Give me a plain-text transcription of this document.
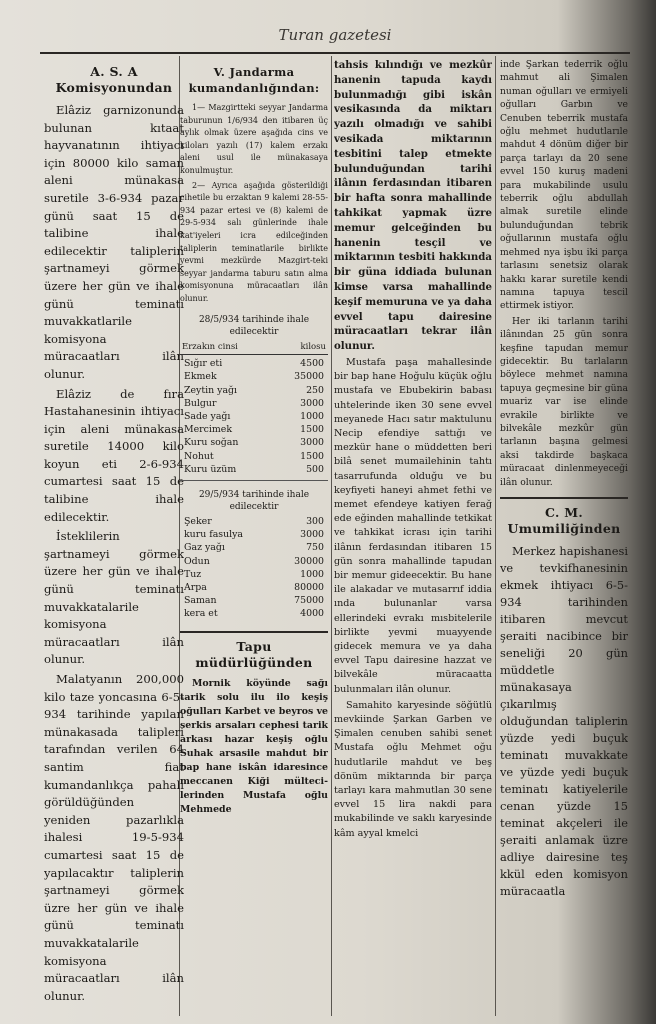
Turan gazetesi
A. S. A Komisyonundan

Elâziz garnizonunda bulunan kıtaat hayvanatının ihtiyacı için 80000 kilo saman aleni münakasa suretile 3-6-934 pazar günü saat 15 de talibine ihale edilecektir taliplerin şartnameyi görmek üzere her gün ve ihale günü teminatı muvakkatlarile komisyona müracaatları ilân olunur.

Elâziz de fıra Hastahanesinin ihtiyacı için aleni münakasa suretile 14000 kilo koyun eti 2-6-934 cumartesi saat 15 de talibine ihale edilecektir.

İsteklilerin şartnameyi görmek üzere her gün ve ihale günü teminatı muvakkatalarile komisyona müracaatları ilân olunur.

Malatyanın 200,000 kilo taze yoncasına 6-5-934 tarihinde yapılan münakasada talipleri tarafından verilen 64 santim fiat kumandanlıkça pahalı görüldüğünden yeniden pazarlıkla ihalesi 19-5-934 cumartesi saat 15 de yapılacaktır taliplerin şartnameyi görmek üzre her gün ve ihale günü teminatı muvakkatalarile komisyona müracaatları ilân olunur.

V. Jandarma kumandanlığından:

1— Mazgirtteki seyyar Jandarma taburunun 1/6/934 den itibaren üç aylık olmak üzere aşağıda cins ve kiloları yazılı (17) kalem erzakı aleni usul ile münakasaya konulmuştur.

2— Ayrıca aşağıda gösterildiği cihetile bu erzaktan 9 kalemi 28-55-934 pazar ertesi ve (8) kalemi de 29-5-934 salı günlerinde ihale kat'iyeleri icra edilceğinden taliplerin teminatlarile birlikte yevmi mezkürde Mazgirt-teki seyyar jandarma taburu satın alma komisyonuna müracaatları ilân olunur.

28/5/934 tarihinde ihale edilecektir
Erzakın cinsi	kilosu
Sığır eti	4500
Ekmek	35000
Zeytin yağı	250
Bulgur	3000
Sade yağı	1000
Mercimek	1500
Kuru soğan	3000
Nohut	1500
Kuru üzüm	500
29/5/934 tarihinde ihale edilecektir
Şeker	300
kuru fasulya	3000
Gaz yağı	750
Odun	30000
Tuz	1000
Arpa	80000
Saman	75000
kera et	4000
Tapu müdürlüğünden

Mornik köyünde sağı tarik solu ilu ilo keşiş oğulları Karbet ve beyros ve serkis arsaları cephesi tarik arkası hazar keşiş oğlu Suhak arsasile mahdut bir bap hane iskân idaresince meccanen Kiği mültecilerinden Mustafa oğlu Mehmede

tahsis kılındığı ve mezkûr hanenin tapuda kaydı bulunmadığı gibi iskân vesikasında da miktarı yazılı olmadığı ve sahibi vesikada miktarının tesbitini talep etmekte bulunduğundan tarihi ilânın ferdasından itibaren bir hafta sonra mahallinde tahkikat yapmak üzre memur gelceğinden bu hanenin tesçil ve miktarının tesbiti hakkında bir güna iddiada bulunan kimse varsa mahallinde keşif memuruna ve ya daha evvel tapu dairesine müracaatları tekrar ilân olunur.

Mustafa paşa mahallesinde bir bap hane Hoğulu küçük oğlu mustafa ve Ebubekirin babası uhtelerinde iken 30 sene evvel meyanede Hacı satır maktulunu Necip efendiye sattığı ve mezkür hane o müddetten beri bilâ senet mumailehinin tahtı tasarrufunda olduğu ve bu keyfiyeti haneyi ahmet fethi ve memet efendeye katiyen ferağ ede eğinden mahallinde tetkikat ve tahkikat icrası için tarihi ilânın ferdasından itibaren 15 gün sonra mahallinde tapudan bir memur gideecektir. Bu hane ile alakadar ve mutasarrıf iddia ında bulunanlar varsa ellerindeki evrakı mısbitelerile birlikte yevmi muayyende gidecek memura ve ya daha evvel Tapu dairesine hazzat ve bilvekâle müracaatta bulunmaları ilân olunur.

Samahito karyesinde söğütlü mevkiinde Şarkan Garben ve Şimalen cenuben sahibi senet Mustafa oğlu Mehmet oğu hudutlarile mahdut ve beş dönüm miktarında bir parça tarlayı kara mahmutlan 30 sene evvel 15 lira nakdi para mukabilinde ve saklı karyesinde kâm ayyal kmelci

inde Şarkan tederrik oğlu mahmut ali Şimalen numan oğulları ve ermiyeli oğulları Garbın ve Cenuben teberrik mustafa oğlu mehmet hudutlarıle mahdut 4 dönüm diğer bir parça tarlayı da 20 sene evvel 150 kuruş madeni para mukabilinde usulu teberrik oğlu abdullah almak suretile elinde bulunduğundan tebrik oğullarının mustafa oğlu mehmed nya işbu iki parça tarlasını senetsiz olarak hakkı karar suretile kendi namına tapuya tescil ettirmek istiyor.

Her iki tarlanın tarihi ilânından 25 gün sonra keşfine tapudan memur gidecektir. Bu tarlaların böylece mehmet namına tapuya geçmesine bir güna muariz var ise elinde evrakile birlikte ve bilvekâle mezkûr gün tarlanın başına gelmesi aksi takdirde başkaca müracaat dinlenmeyeceği ilân olunur.

C. M. Umumiliğinden

Merkez hapishanesi ve tevkifhanesinin ekmek ihtiyacı 6-5-934 tarihinden itibaren mevcut şeraiti nacibince bir seneliği 20 gün müddetle münakasaya çıkarılmış olduğundan taliplerin yüzde yedi buçuk teminatı muvakkate ve yüzde yedi buçuk teminatı katiyelerile cenan yüzde 15 teminat akçeleri ile şeraiti anlamak üzre adliye dairesine teş kkül eden komisyon müracaatla
